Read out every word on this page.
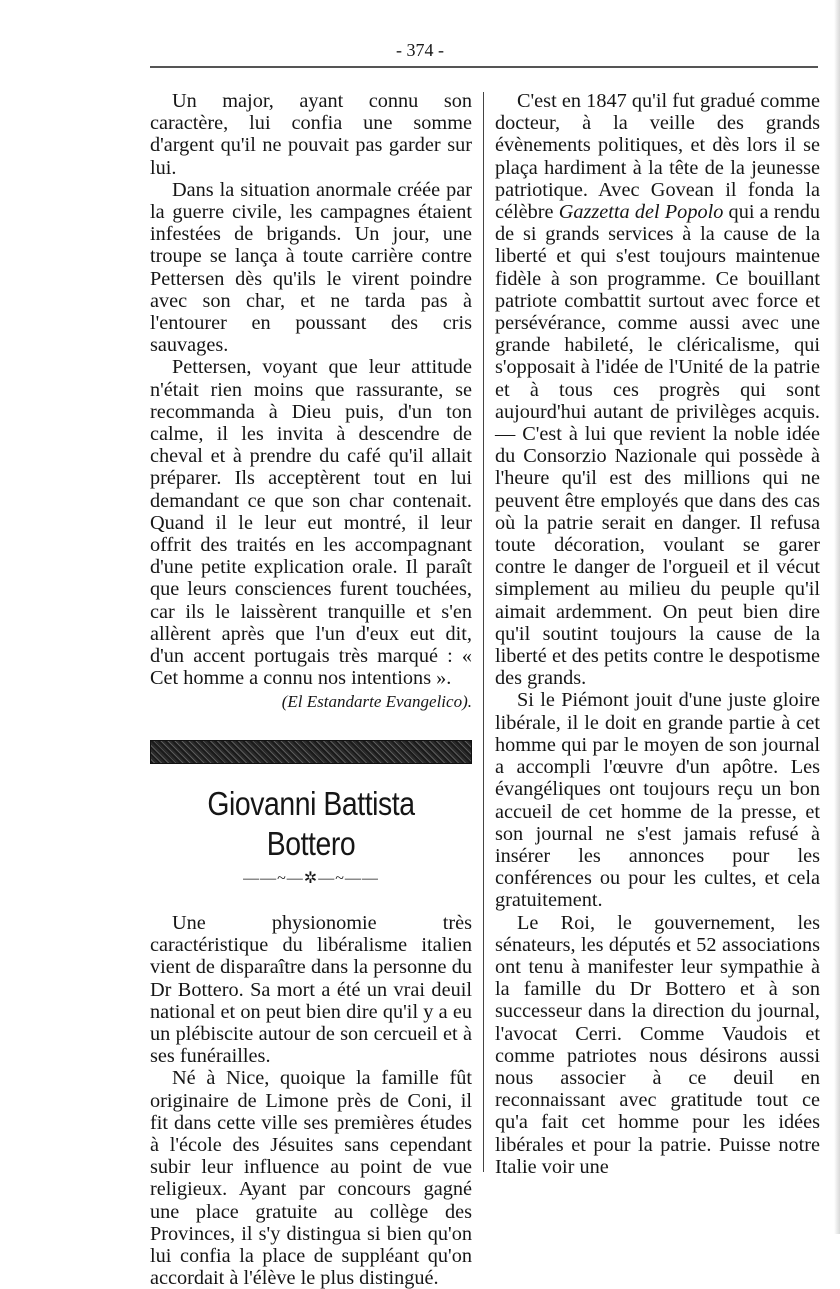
- 374 -

Un major, ayant connu son caractère, lui confia une somme d'argent qu'il ne pouvait pas garder sur lui.

Dans la situation anormale créée par la guerre civile, les campagnes étaient infestées de brigands. Un jour, une troupe se lança à toute carrière contre Pettersen dès qu'ils le virent poindre avec son char, et ne tarda pas à l'entourer en poussant des cris sauvages.

Pettersen, voyant que leur attitude n'était rien moins que rassurante, se recommanda à Dieu puis, d'un ton calme, il les invita à descendre de cheval et à prendre du café qu'il allait préparer. Ils acceptèrent tout en lui demandant ce que son char contenait. Quand il le leur eut montré, il leur offrit des traités en les accompagnant d'une petite explication orale. Il paraît que leurs consciences furent touchées, car ils le laissèrent tranquille et s'en allèrent après que l'un d'eux eut dit, d'un accent portugais très marqué : « Cet homme a connu nos intentions ».

(El Estandarte Evangelico).
Giovanni Battista Bottero
——~—✲—~——

Une physionomie très caractéristique du libéralisme italien vient de disparaître dans la personne du Dr Bottero. Sa mort a été un vrai deuil national et on peut bien dire qu'il y a eu un plébiscite autour de son cercueil et à ses funérailles.

Né à Nice, quoique la famille fût originaire de Limone près de Coni, il fit dans cette ville ses premières études à l'école des Jésuites sans cependant subir leur influence au point de vue religieux. Ayant par concours gagné une place gratuite au collège des Provinces, il s'y distingua si bien qu'on lui confia la place de suppléant qu'on accordait à l'élève le plus distingué.

C'est en 1847 qu'il fut gradué comme docteur, à la veille des grands évènements politiques, et dès lors il se plaça hardiment à la tête de la jeunesse patriotique. Avec Govean il fonda la célèbre Gazzetta del Popolo qui a rendu de si grands services à la cause de la liberté et qui s'est toujours maintenue fidèle à son programme. Ce bouillant patriote combattit surtout avec force et persévérance, comme aussi avec une grande habileté, le cléricalisme, qui s'opposait à l'idée de l'Unité de la patrie et à tous ces progrès qui sont aujourd'hui autant de privilèges acquis. — C'est à lui que revient la noble idée du Consorzio Nazionale qui possède à l'heure qu'il est des millions qui ne peuvent être employés que dans des cas où la patrie serait en danger. Il refusa toute décoration, voulant se garer contre le danger de l'orgueil et il vécut simplement au milieu du peuple qu'il aimait ardemment. On peut bien dire qu'il soutint toujours la cause de la liberté et des petits contre le despotisme des grands.

Si le Piémont jouit d'une juste gloire libérale, il le doit en grande partie à cet homme qui par le moyen de son journal a accompli l'œuvre d'un apôtre. Les évangéliques ont toujours reçu un bon accueil de cet homme de la presse, et son journal ne s'est jamais refusé à insérer les annonces pour les conférences ou pour les cultes, et cela gratuitement.

Le Roi, le gouvernement, les sénateurs, les députés et 52 associations ont tenu à manifester leur sympathie à la famille du Dr Bottero et à son successeur dans la direction du journal, l'avocat Cerri. Comme Vaudois et comme patriotes nous désirons aussi nous associer à ce deuil en reconnaissant avec gratitude tout ce qu'a fait cet homme pour les idées libérales et pour la patrie. Puisse notre Italie voir une
